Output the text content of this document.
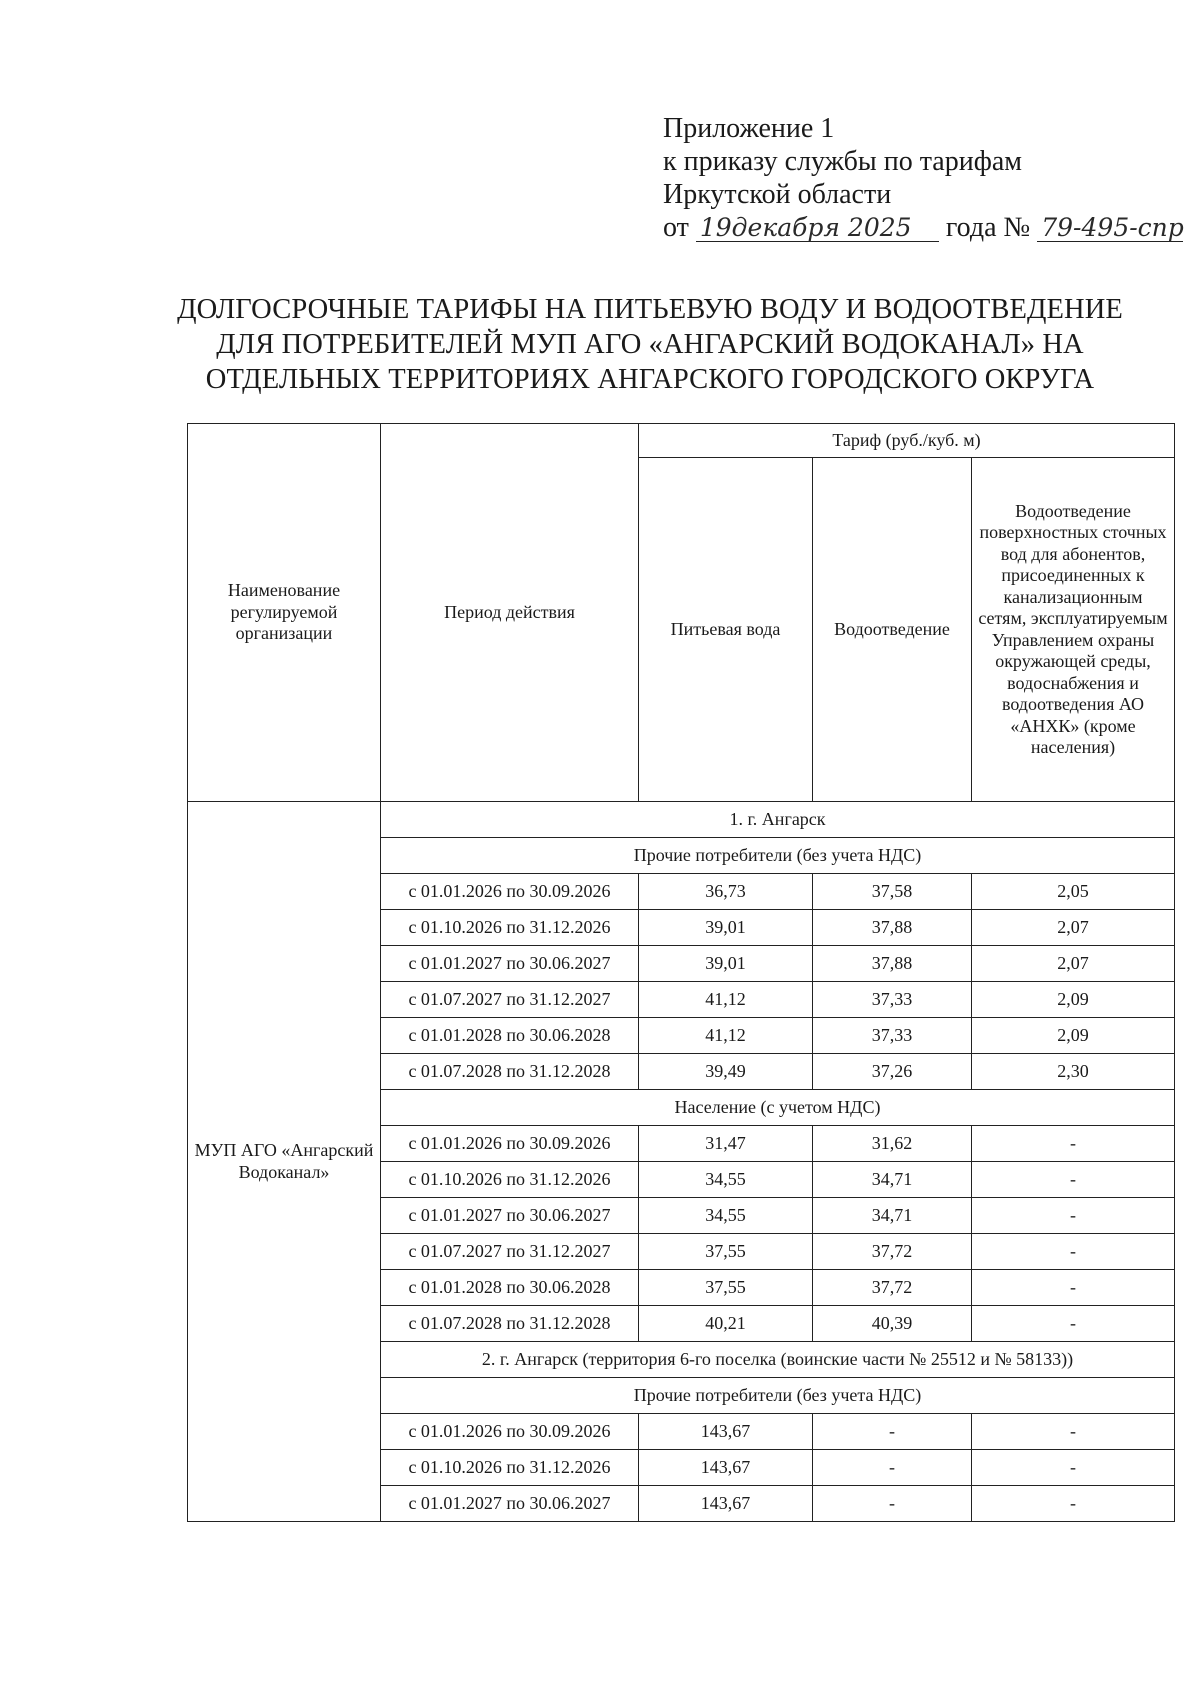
Приложение 1
к приказу службы по тарифам
Иркутской области
от 19декабря 2025 года № 79-495-спр
ДОЛГОСРОЧНЫЕ ТАРИФЫ НА ПИТЬЕВУЮ ВОДУ И ВОДООТВЕДЕНИЕ
ДЛЯ ПОТРЕБИТЕЛЕЙ МУП АГО «АНГАРСКИЙ ВОДОКАНАЛ» НА
ОТДЕЛЬНЫХ ТЕРРИТОРИЯХ АНГАРСКОГО ГОРОДСКОГО ОКРУГА
Наименование регулируемой организации	Период действия	Тариф (руб./куб. м)		
		Питьевая вода	Водоотведение	Водоотведение поверхностных сточных вод для абонентов, присоединенных к канализационным сетям, эксплуатируемым Управлением охраны окружающей среды, водоснабжения и водоотведения АО «АНХК» (кроме населения)
МУП АГО «Ангарский Водоканал»	1. г. Ангарск			
	Прочие потребители (без учета НДС)			
	с 01.01.2026 по 30.09.2026	36,73	37,58	2,05
	с 01.10.2026 по 31.12.2026	39,01	37,88	2,07
	с 01.01.2027 по 30.06.2027	39,01	37,88	2,07
	с 01.07.2027 по 31.12.2027	41,12	37,33	2,09
	с 01.01.2028 по 30.06.2028	41,12	37,33	2,09
	с 01.07.2028 по 31.12.2028	39,49	37,26	2,30
	Население (с учетом НДС)			
	с 01.01.2026 по 30.09.2026	31,47	31,62	-
	с 01.10.2026 по 31.12.2026	34,55	34,71	-
	с 01.01.2027 по 30.06.2027	34,55	34,71	-
	с 01.07.2027 по 31.12.2027	37,55	37,72	-
	с 01.01.2028 по 30.06.2028	37,55	37,72	-
	с 01.07.2028 по 31.12.2028	40,21	40,39	-
	2. г. Ангарск (территория 6-го поселка (воинские части № 25512 и № 58133))			
	Прочие потребители (без учета НДС)			
	с 01.01.2026 по 30.09.2026	143,67	-	-
	с 01.10.2026 по 31.12.2026	143,67	-	-
	с 01.01.2027 по 30.06.2027	143,67	-	-
